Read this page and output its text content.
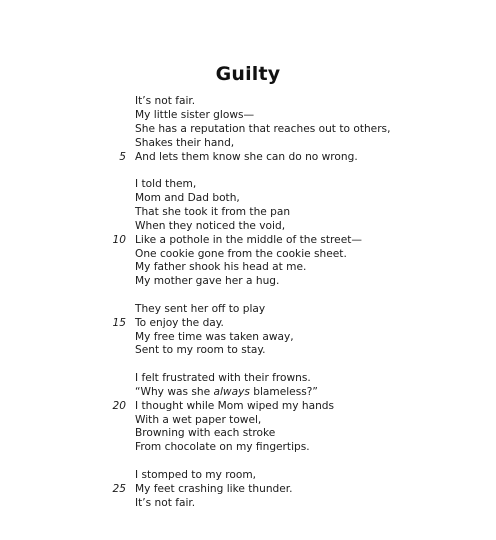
Guilty
It’s not fair.
My little sister glows—
She has a reputation that reaches out to others,
Shakes their hand,
5 And lets them know she can do no wrong.
I told them,
Mom and Dad both,
That she took it from the pan
When they noticed the void,
10 Like a pothole in the middle of the street—
One cookie gone from the cookie sheet.
My father shook his head at me.
My mother gave her a hug.
They sent her off to play
15 To enjoy the day.
My free time was taken away,
Sent to my room to stay.
I felt frustrated with their frowns.
“Why was she always blameless?”
20 I thought while Mom wiped my hands
With a wet paper towel,
Browning with each stroke
From chocolate on my fingertips.
I stomped to my room,
25 My feet crashing like thunder.
It’s not fair.
